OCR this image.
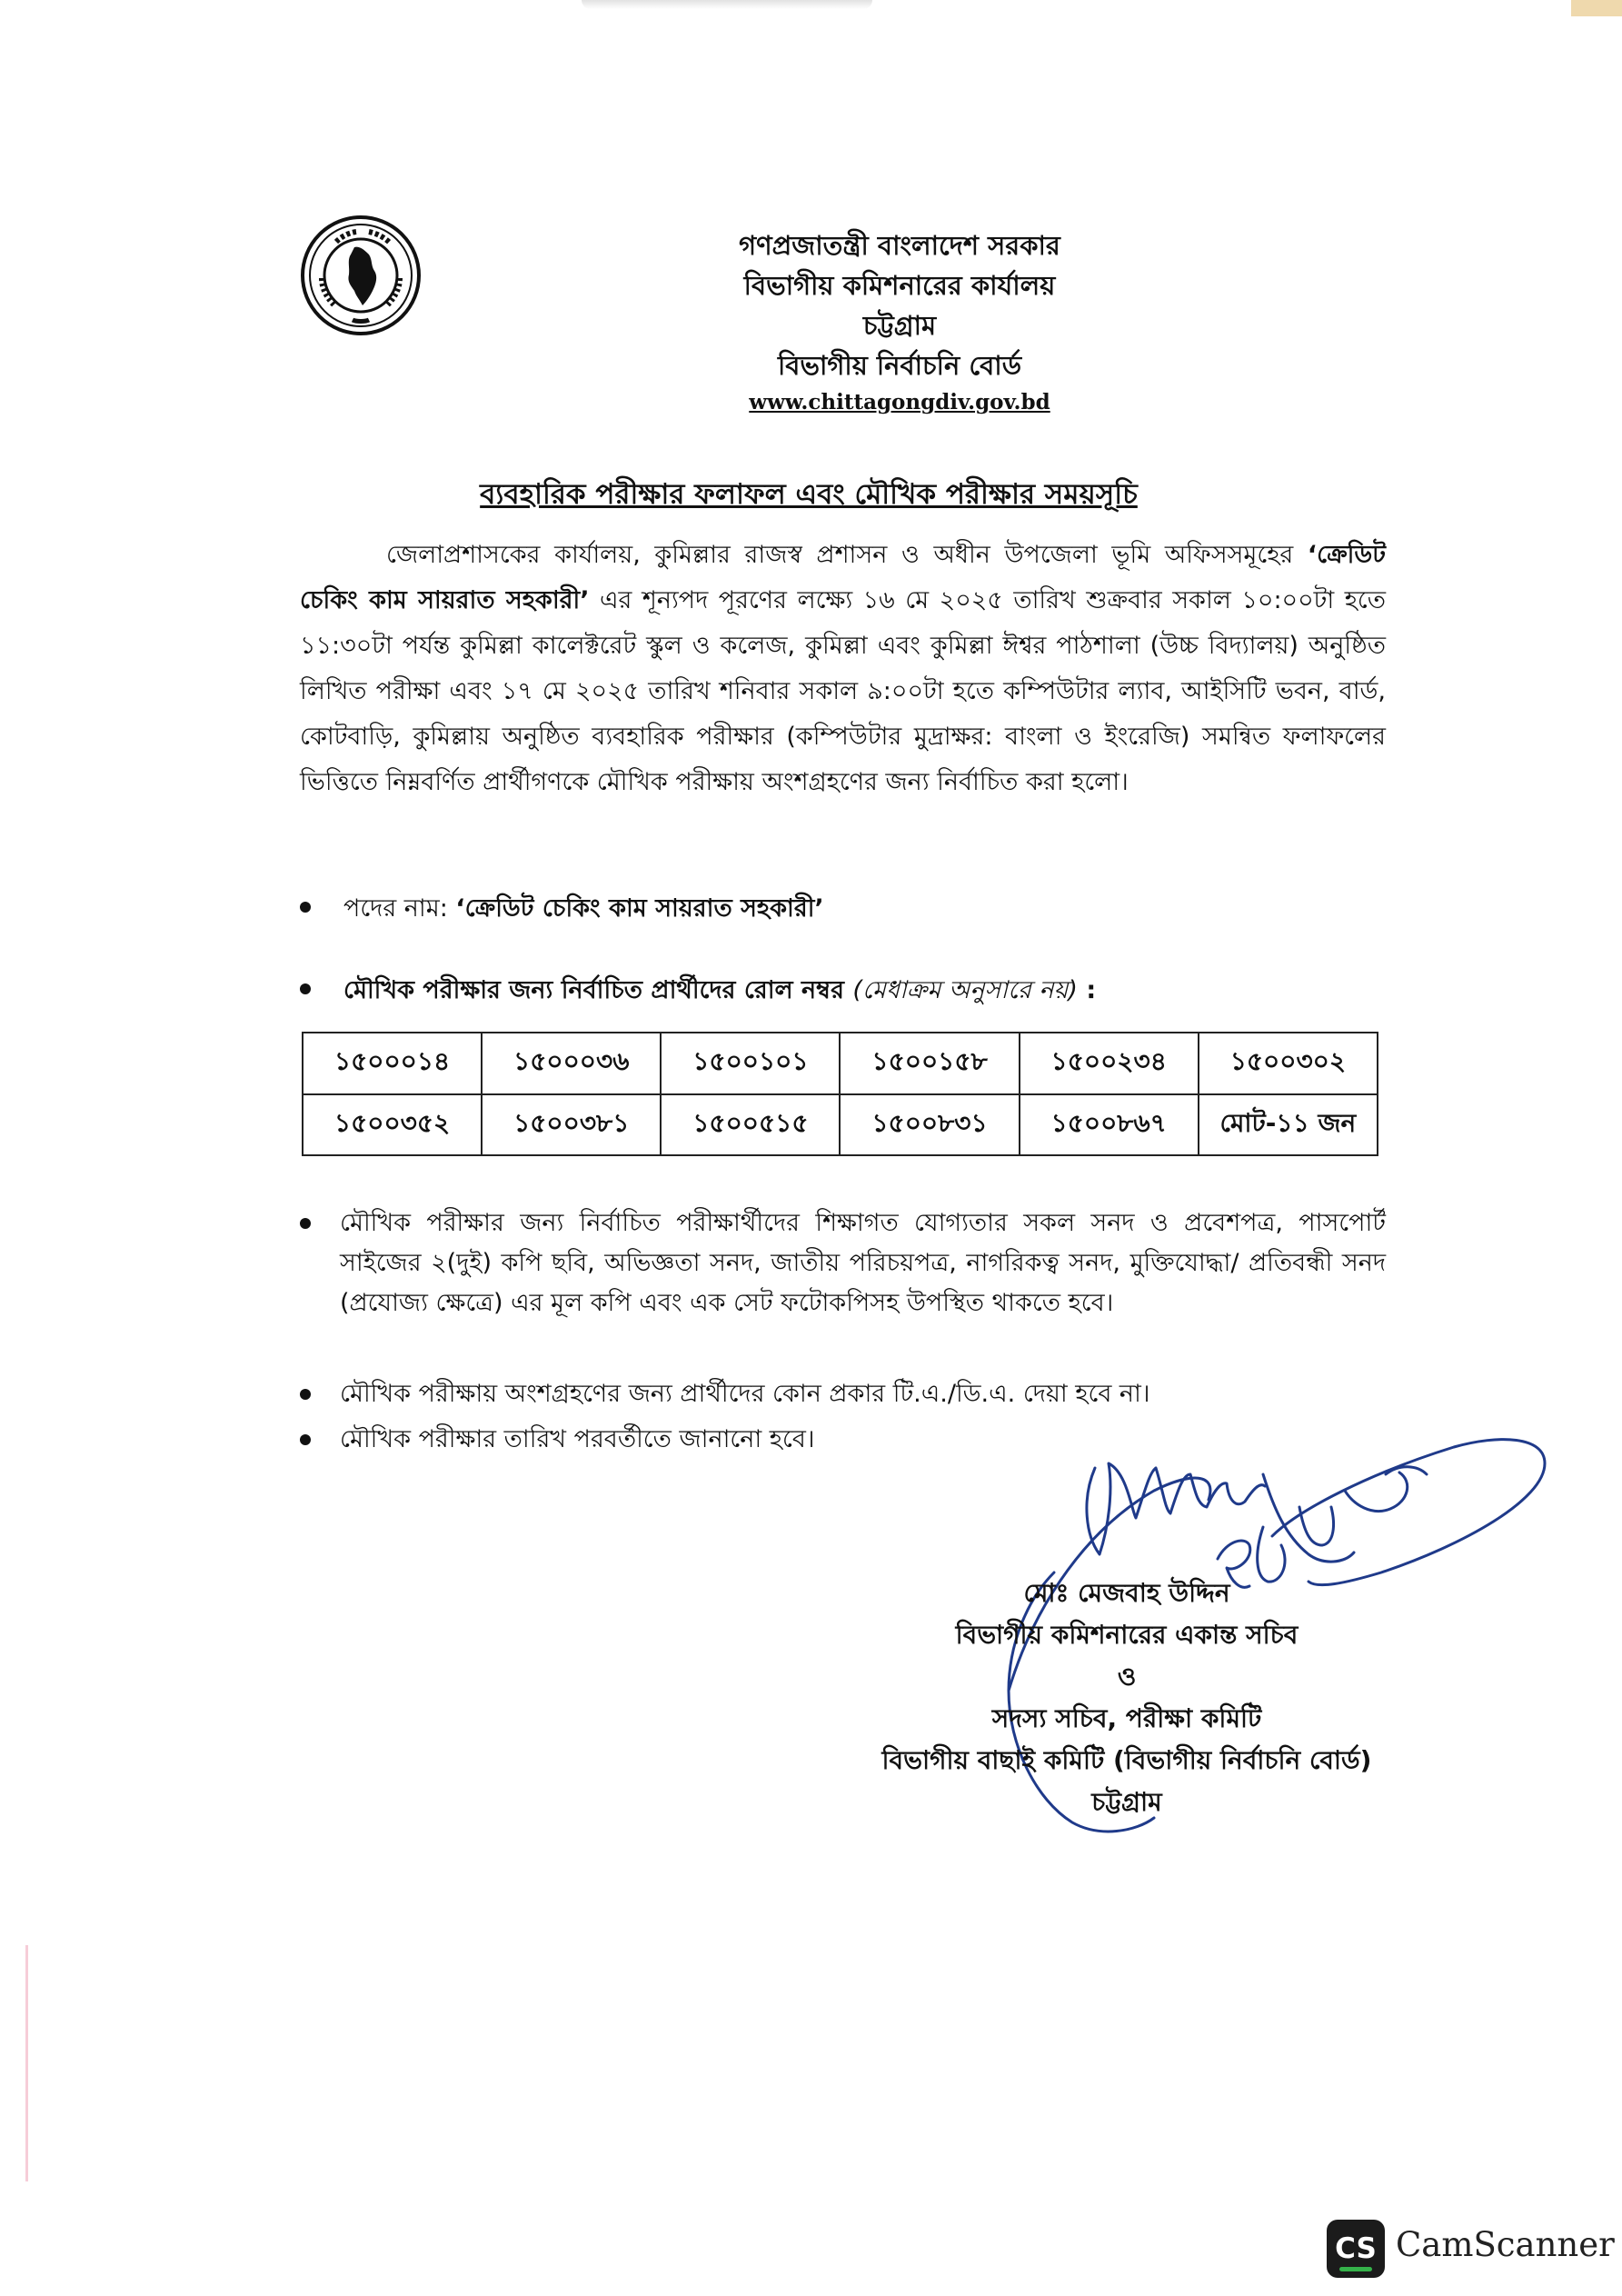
গণপ্রজাতন্ত্রী বাংলাদেশ সরকার
বিভাগীয় কমিশনারের কার্যালয়
চট্টগ্রাম
বিভাগীয় নির্বাচনি বোর্ড
www.chittagongdiv.gov.bd
ব্যবহারিক পরীক্ষার ফলাফল এবং মৌখিক পরীক্ষার সময়সূচি
জেলাপ্রশাসকের কার্যালয়, কুমিল্লার রাজস্ব প্রশাসন ও অধীন উপজেলা ভূমি অফিসসমূহের ‘ক্রেডিট চেকিং কাম সায়রাত সহকারী’ এর শূন্যপদ পূরণের লক্ষ্যে ১৬ মে ২০২৫ তারিখ শুক্রবার সকাল ১০:০০টা হতে ১১:৩০টা পর্যন্ত কুমিল্লা কালেক্টরেট স্কুল ও কলেজ, কুমিল্লা এবং কুমিল্লা ঈশ্বর পাঠশালা (উচ্চ বিদ্যালয়) অনুষ্ঠিত লিখিত পরীক্ষা এবং ১৭ মে ২০২৫ তারিখ শনিবার সকাল ৯:০০টা হতে কম্পিউটার ল্যাব, আইসিটি ভবন, বার্ড, কোটবাড়ি, কুমিল্লায় অনুষ্ঠিত ব্যবহারিক পরীক্ষার (কম্পিউটার মুদ্রাক্ষর: বাংলা ও ইংরেজি) সমন্বিত ফলাফলের ভিত্তিতে নিম্নবর্ণিত প্রার্থীগণকে মৌখিক পরীক্ষায় অংশগ্রহণের জন্য নির্বাচিত করা হলো।
পদের নাম: ‘ক্রেডিট চেকিং কাম সায়রাত সহকারী’
মৌখিক পরীক্ষার জন্য নির্বাচিত প্রার্থীদের রোল নম্বর (মেধাক্রম অনুসারে নয়) :
১৫০০০১৪	১৫০০০৩৬	১৫০০১০১	১৫০০১৫৮	১৫০০২৩৪	১৫০০৩০২
১৫০০৩৫২	১৫০০৩৮১	১৫০০৫১৫	১৫০০৮৩১	১৫০০৮৬৭	মোট-১১ জন
মৌখিক পরীক্ষার জন্য নির্বাচিত পরীক্ষার্থীদের শিক্ষাগত যোগ্যতার সকল সনদ ও প্রবেশপত্র, পাসপোর্ট সাইজের ২(দুই) কপি ছবি, অভিজ্ঞতা সনদ, জাতীয় পরিচয়পত্র, নাগরিকত্ব সনদ, মুক্তিযোদ্ধা/ প্রতিবন্ধী সনদ (প্রযোজ্য ক্ষেত্রে) এর মূল কপি এবং এক সেট ফটোকপিসহ উপস্থিত থাকতে হবে।
মৌখিক পরীক্ষায় অংশগ্রহণের জন্য প্রার্থীদের কোন প্রকার টি.এ./ডি.এ. দেয়া হবে না।
মৌখিক পরীক্ষার তারিখ পরবর্তীতে জানানো হবে।
মোঃ মেজবাহ উদ্দিন
বিভাগীয় কমিশনারের একান্ত সচিব
ও
সদস্য সচিব, পরীক্ষা কমিটি
বিভাগীয় বাছাই কমিটি (বিভাগীয় নির্বাচনি বোর্ড)
চট্টগ্রাম
CS CamScanner
